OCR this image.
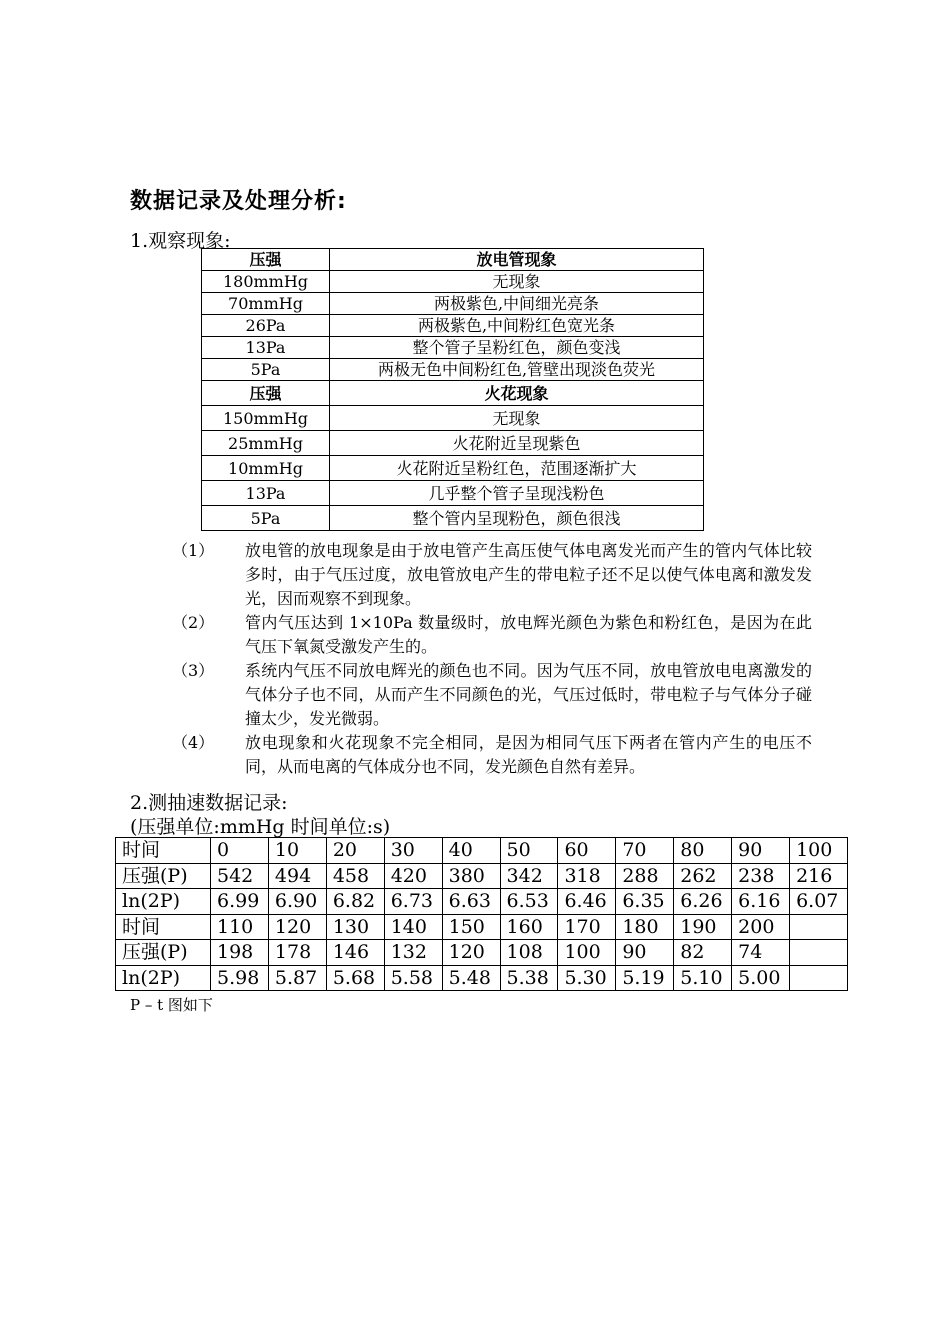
数据记录及处理分析:
1.观察现象:
压强	放电管现象
180mmHg	无现象
70mmHg	两极紫色,中间细光亮条
26Pa	两极紫色,中间粉红色宽光条
13Pa	整个管子呈粉红色，颜色变浅
5Pa	两极无色中间粉红色,管壁出现淡色荧光
压强	火花现象
150mmHg	无现象
25mmHg	火花附近呈现紫色
10mmHg	火花附近呈粉红色，范围逐渐扩大
13Pa	几乎整个管子呈现浅粉色
5Pa	整个管内呈现粉色，颜色很浅
（1） 放电管的放电现象是由于放电管产生高压使气体电离发光而产生的管内气体比较多时，由于气压过度，放电管放电产生的带电粒子还不足以使气体电离和激发发光，因而观察不到现象。
（2） 管内气压达到 1×10Pa 数量级时，放电辉光颜色为紫色和粉红色，是因为在此气压下氧氮受激发产生的。
（3） 系统内气压不同放电辉光的颜色也不同。因为气压不同，放电管放电电离激发的气体分子也不同，从而产生不同颜色的光，气压过低时，带电粒子与气体分子碰撞太少，发光微弱。
（4） 放电现象和火花现象不完全相同，是因为相同气压下两者在管内产生的电压不同，从而电离的气体成分也不同，发光颜色自然有差异。
2.测抽速数据记录:
(压强单位:mmHg 时间单位:s)
时间	0	10	20	30	40	50	60	70	80	90	100
压强(P)	542	494	458	420	380	342	318	288	262	238	216
ln(2P)	6.99	6.90	6.82	6.73	6.63	6.53	6.46	6.35	6.26	6.16	6.07
时间	110	120	130	140	150	160	170	180	190	200	
压强(P)	198	178	146	132	120	108	100	90	82	74	
ln(2P)	5.98	5.87	5.68	5.58	5.48	5.38	5.30	5.19	5.10	5.00	
P – t 图如下
